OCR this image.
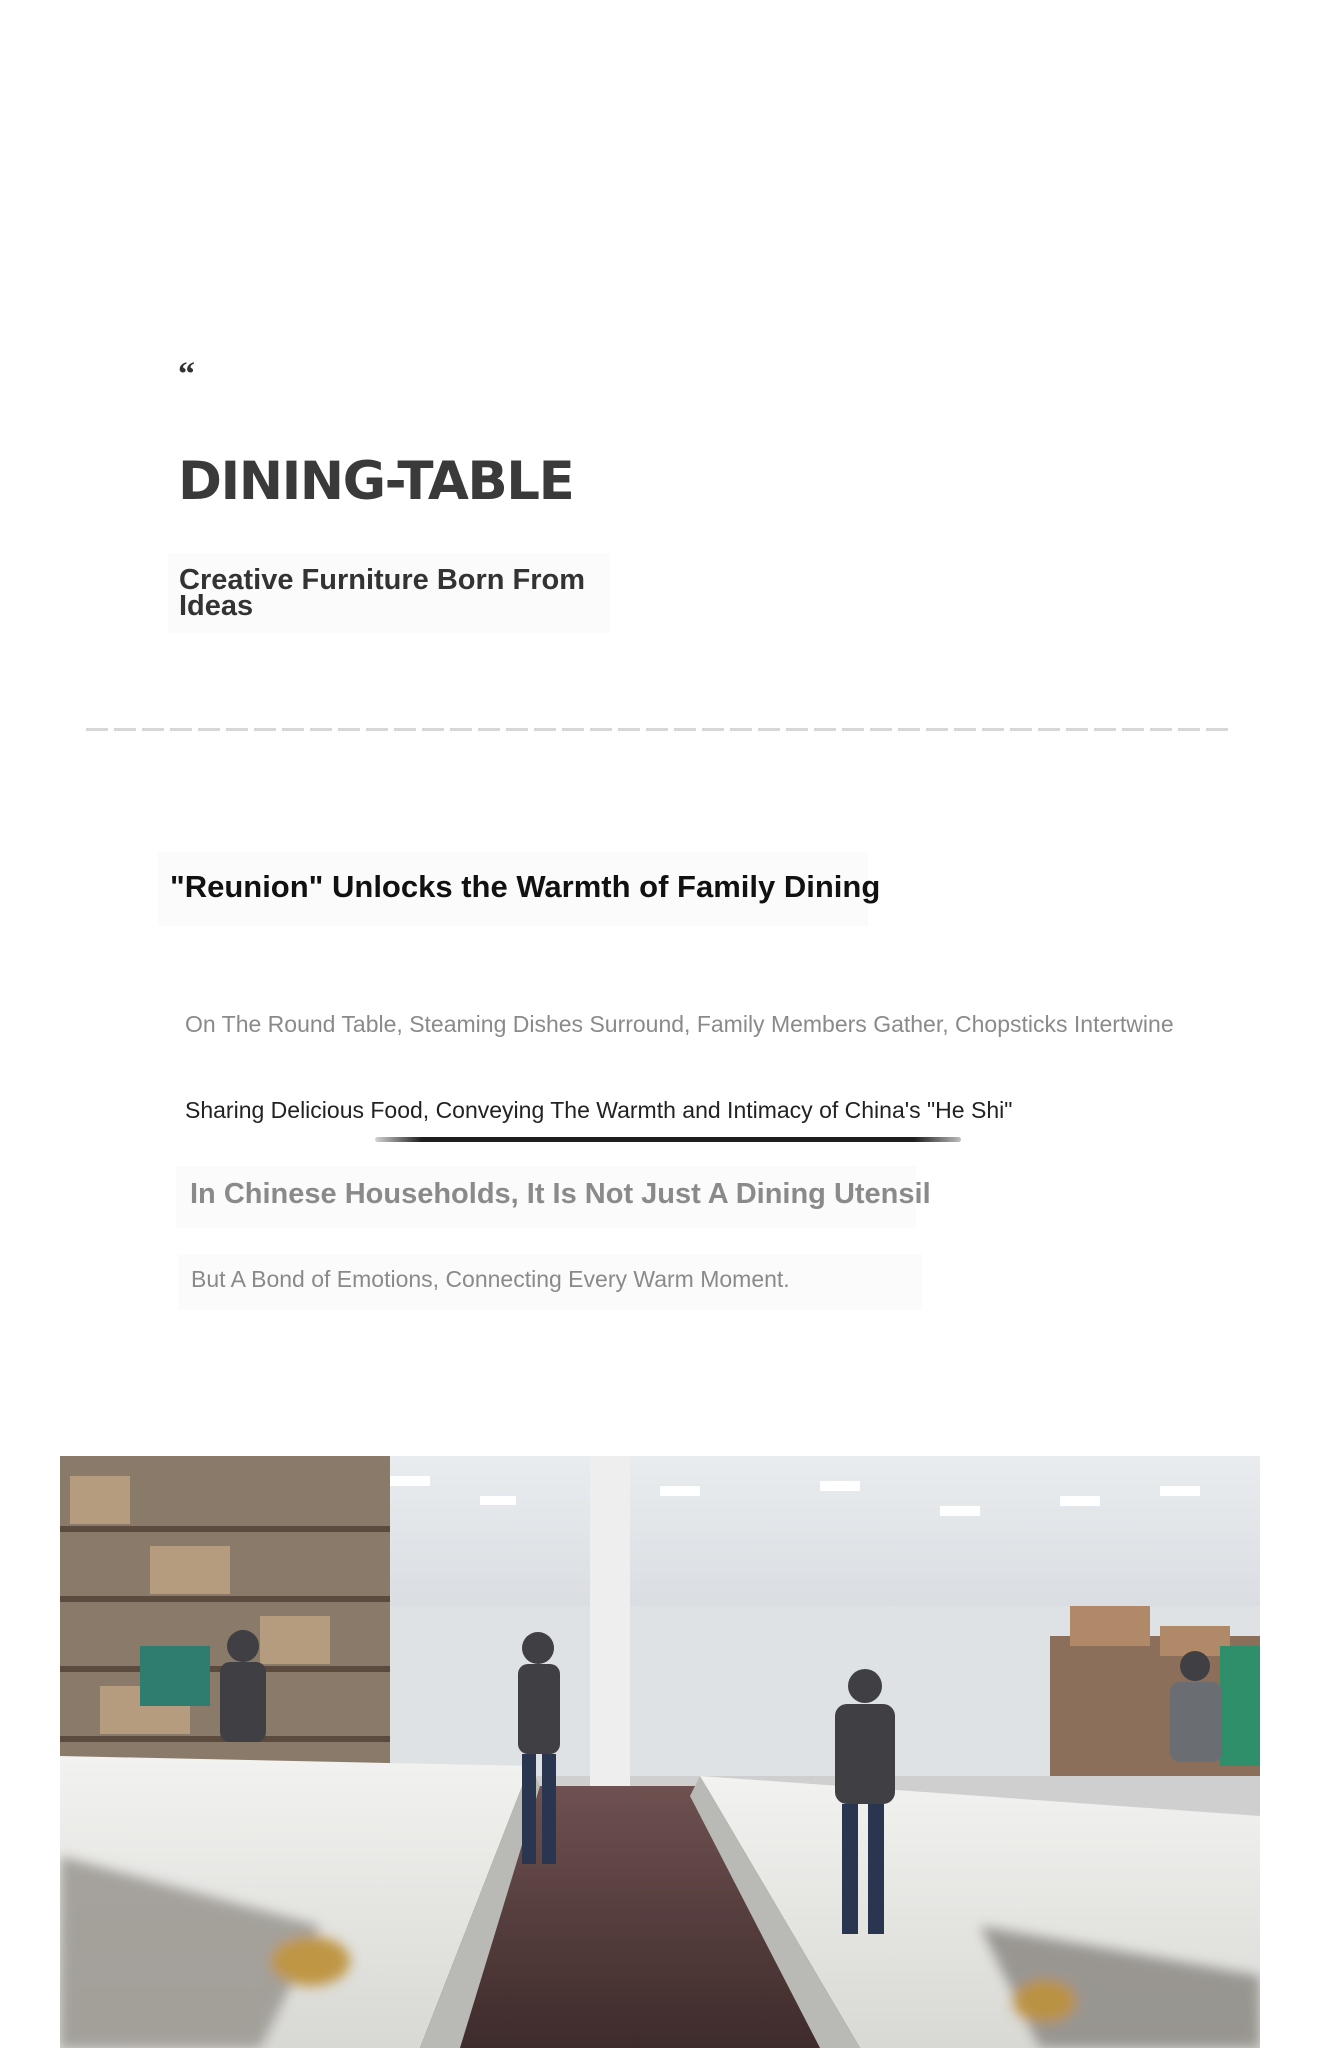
“
DINING-TABLE
Creative Furniture Born From Ideas
"Reunion" Unlocks the Warmth of Family Dining
On The Round Table, Steaming Dishes Surround, Family Members Gather, Chopsticks Intertwine
Sharing Delicious Food, Conveying The Warmth and Intimacy of China's "He Shi"
In Chinese Households, It Is Not Just A Dining Utensil
But A Bond of Emotions, Connecting Every Warm Moment.
